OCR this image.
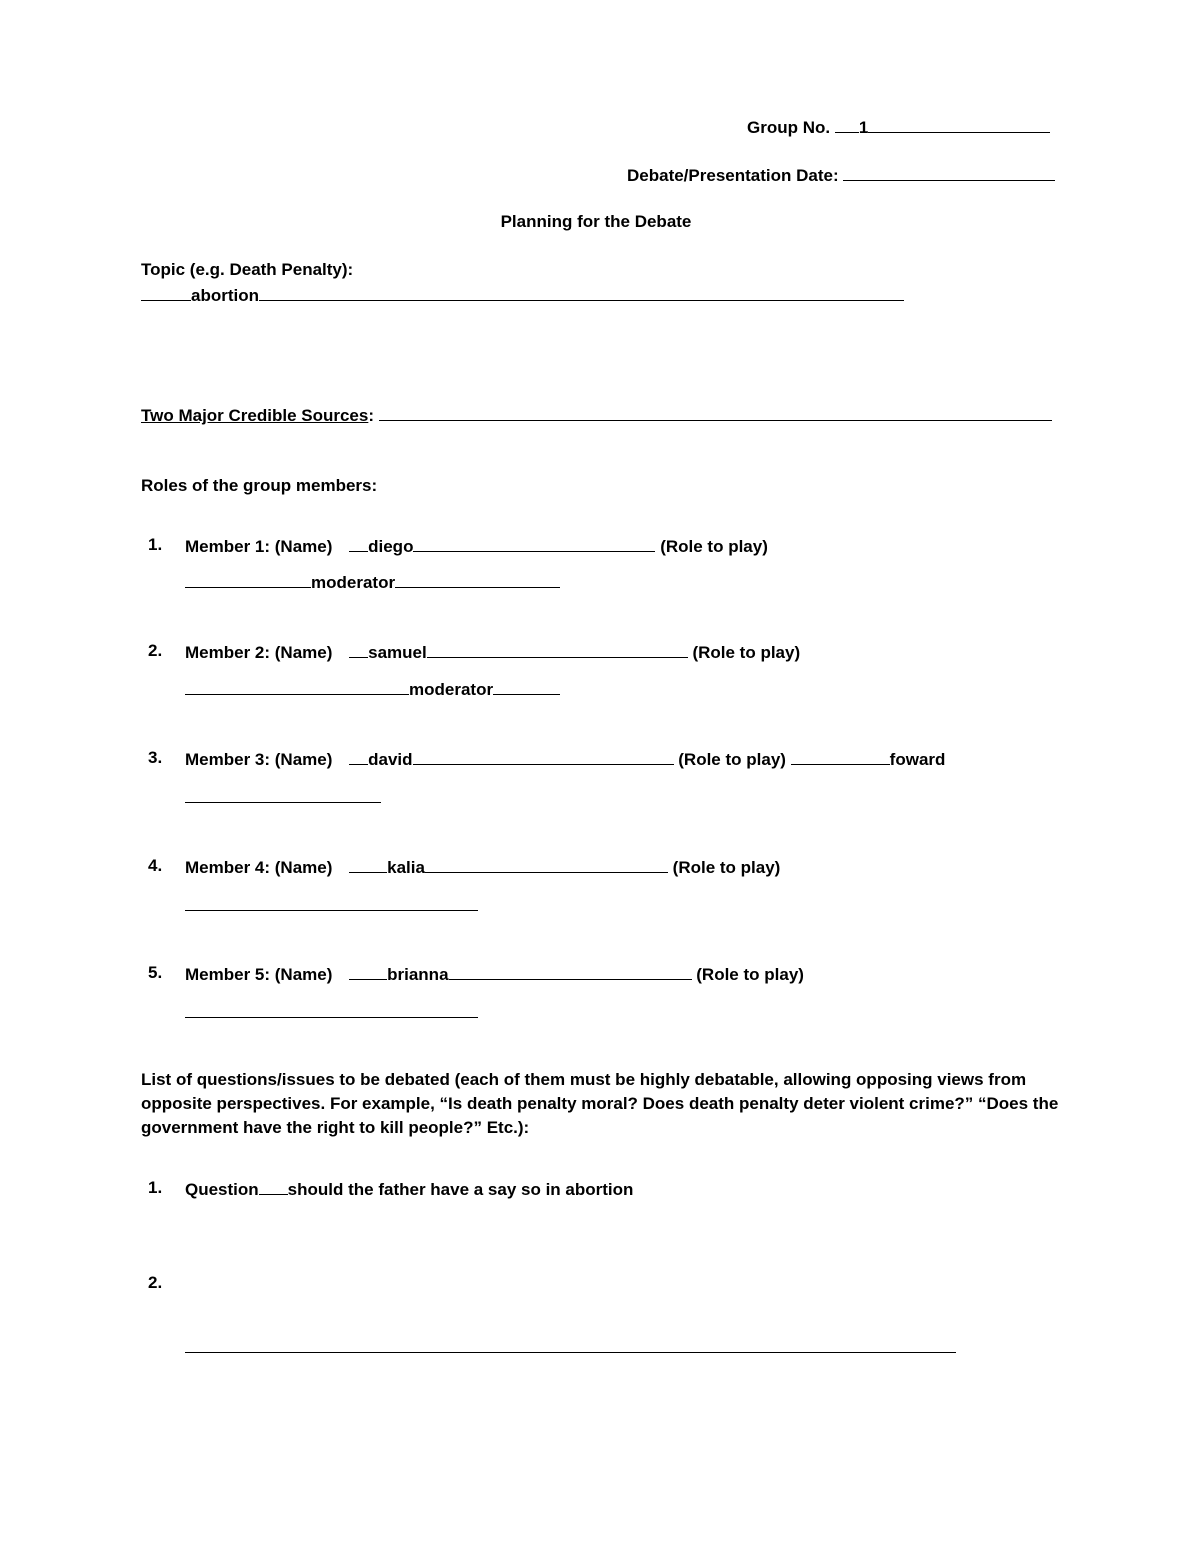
Group No. 1
Debate/Presentation Date:
Planning for the Debate
Topic (e.g. Death Penalty):
abortion
Two Major Credible Sources:
Roles of the group members:
1. Member 1: (Name) diego	(Role to play)
moderator
2. Member 2: (Name) samuel	(Role to play)
moderator
3. Member 3: (Name) david	(Role to play)	foward
4. Member 4: (Name)	kalia	(Role to play)
5. Member 5: (Name)	brianna	(Role to play)
List of questions/issues to be debated (each of them must be highly debatable, allowing opposing views from
opposite perspectives. For example, “Is death penalty moral? Does death penalty deter violent crime?” “Does the
government have the right to kill people?” Etc.):
1. Question should the father have a say so in abortion
2.
